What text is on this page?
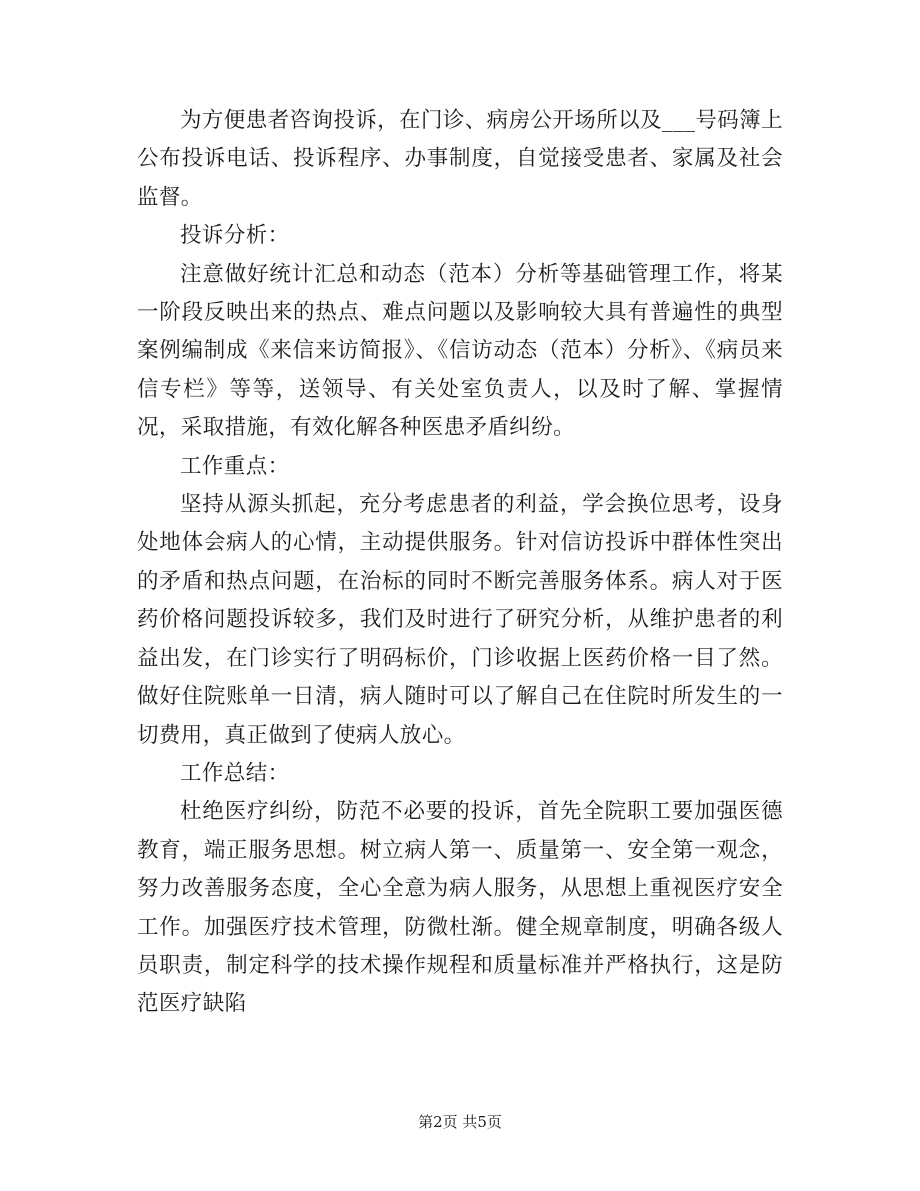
为方便患者咨询投诉，在门诊、病房公开场所以及___号码簿上公布投诉电话、投诉程序、办事制度，自觉接受患者、家属及社会监督。

投诉分析：

注意做好统计汇总和动态（范本）分析等基础管理工作，将某一阶段反映出来的热点、难点问题以及影响较大具有普遍性的典型案例编制成《来信来访简报》、《信访动态（范本）分析》、《病员来信专栏》等等，送领导、有关处室负责人，以及时了解、掌握情况，采取措施，有效化解各种医患矛盾纠纷。

工作重点：

坚持从源头抓起，充分考虑患者的利益，学会换位思考，设身处地体会病人的心情，主动提供服务。针对信访投诉中群体性突出的矛盾和热点问题，在治标的同时不断完善服务体系。病人对于医药价格问题投诉较多，我们及时进行了研究分析，从维护患者的利益出发，在门诊实行了明码标价，门诊收据上医药价格一目了然。做好住院账单一日清，病人随时可以了解自己在住院时所发生的一切费用，真正做到了使病人放心。

工作总结：

杜绝医疗纠纷，防范不必要的投诉，首先全院职工要加强医德教育，端正服务思想。树立病人第一、质量第一、安全第一观念，努力改善服务态度，全心全意为病人服务，从思想上重视医疗安全工作。加强医疗技术管理，防微杜渐。健全规章制度，明确各级人员职责，制定科学的技术操作规程和质量标准并严格执行，这是防范医疗缺陷

第2页 共5页
